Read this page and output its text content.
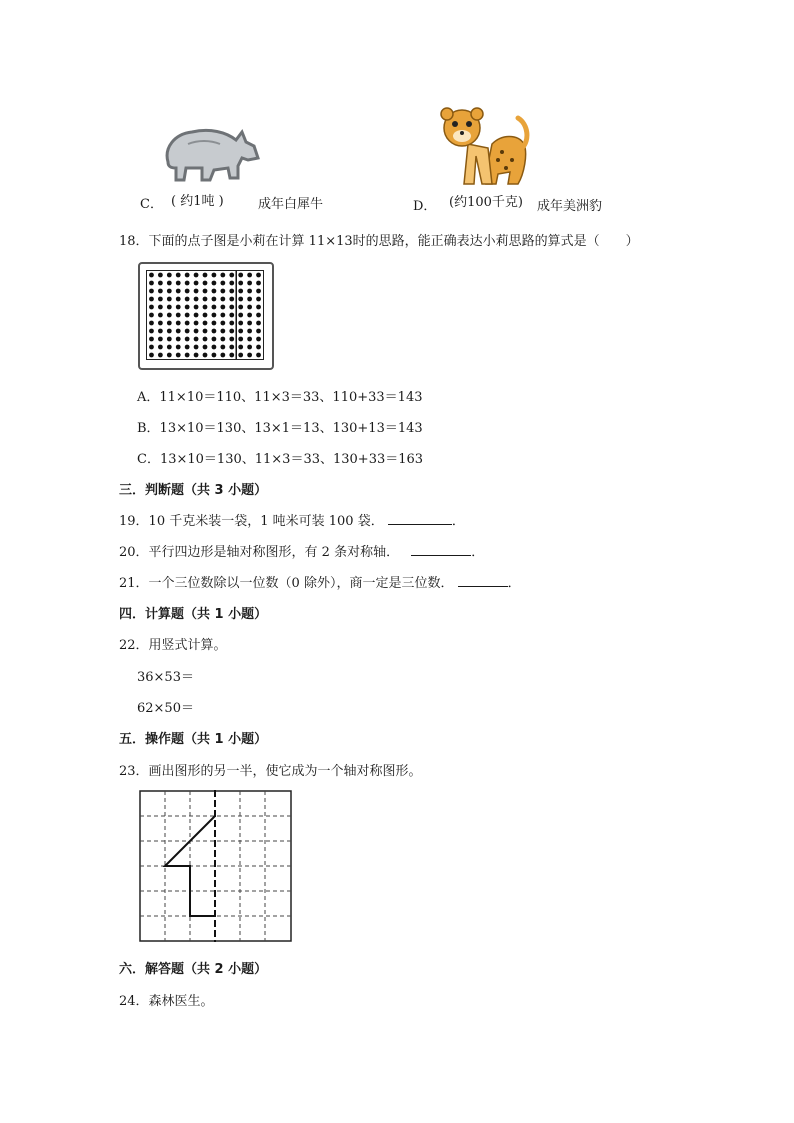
C． ( 约1吨 )	成年白犀牛	D． (约100千克) 成年美洲豹
18．下面的点子图是小莉在计算 11×13时的思路，能正确表达小莉思路的算式是（　　）
A．11×10＝110、11×3＝33、110+33＝143
B．13×10＝130、13×1＝13、130+13＝143
C．13×10＝130、11×3＝33、130+33＝163
三．判断题（共 3 小题）
19．10 千克米装一袋，1 吨米可装 100 袋．	．
20．平行四边形是轴对称图形，有 2 条对称轴．	．
21．一个三位数除以一位数（0 除外），商一定是三位数．	．
四．计算题（共 1 小题）
22．用竖式计算。
36×53＝
62×50＝
五．操作题（共 1 小题）
23．画出图形的另一半，使它成为一个轴对称图形。
六．解答题（共 2 小题）
24．森林医生。
